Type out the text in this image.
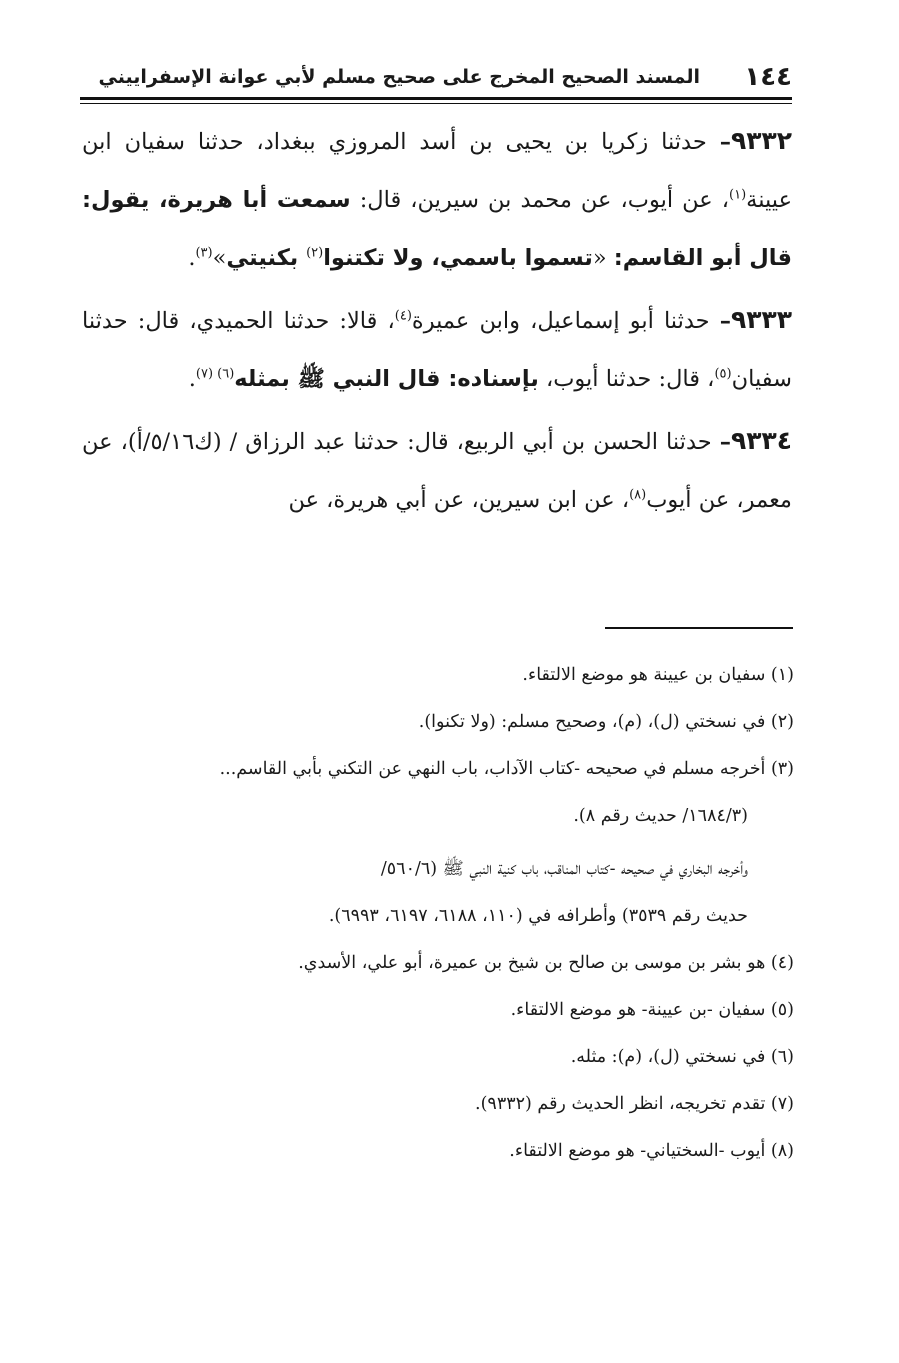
١٤٤
المسند الصحيح المخرج على صحيح مسلم لأبي عوانة الإسفراييني

٩٣٣٢– حدثنا زكريا بن يحيى بن أسد المروزي ببغداد، حدثنا سفيان ابن عيينة$^{(١)}$، عن أيوب، عن محمد بن سيرين، قال: سمعت أبا هريرة، يقول: قال أبو القاسم: «تسموا باسمي، ولا تكتنوا$^{(٢)}$ بكنيتي»$^{(٣)}$.

٩٣٣٣– حدثنا أبو إسماعيل، وابن عميرة$^{(٤)}$، قالا: حدثنا الحميدي، قال: حدثنا سفيان$^{(٥)}$، قال: حدثنا أيوب، بإسناده: قال النبي ﷺ بمثله$^{(٦) (٧)}$.

٩٣٣٤– حدثنا الحسن بن أبي الربيع، قال: حدثنا عبد الرزاق / (ك٥/١٦/أ)، عن معمر، عن أيوب$^{(٨)}$، عن ابن سيرين، عن أبي هريرة، عن

(١) سفيان بن عيينة هو موضع الالتقاء.

(٢) في نسختي (ل)، (م)، وصحيح مسلم: (ولا تكنوا).

(٣) أخرجه مسلم في صحيحه -كتاب الآداب، باب النهي عن التكني بأبي القاسم...

(١٦٨٤/٣/ حديث رقم ٨).

وأخرجه البخاري في صحيحه -كتاب المناقب، باب كنية النبي ﷺ (٥٦٠/٦/

حديث رقم ٣٥٣٩) وأطرافه في (١١٠، ٦١٨٨، ٦١٩٧، ٦٩٩٣).

(٤) هو بشر بن موسى بن صالح بن شيخ بن عميرة، أبو علي، الأسدي.

(٥) سفيان -بن عيينة- هو موضع الالتقاء.

(٦) في نسختي (ل)، (م): مثله.

(٧) تقدم تخريجه، انظر الحديث رقم (٩٣٣٢).

(٨) أيوب -السختياني- هو موضع الالتقاء.
